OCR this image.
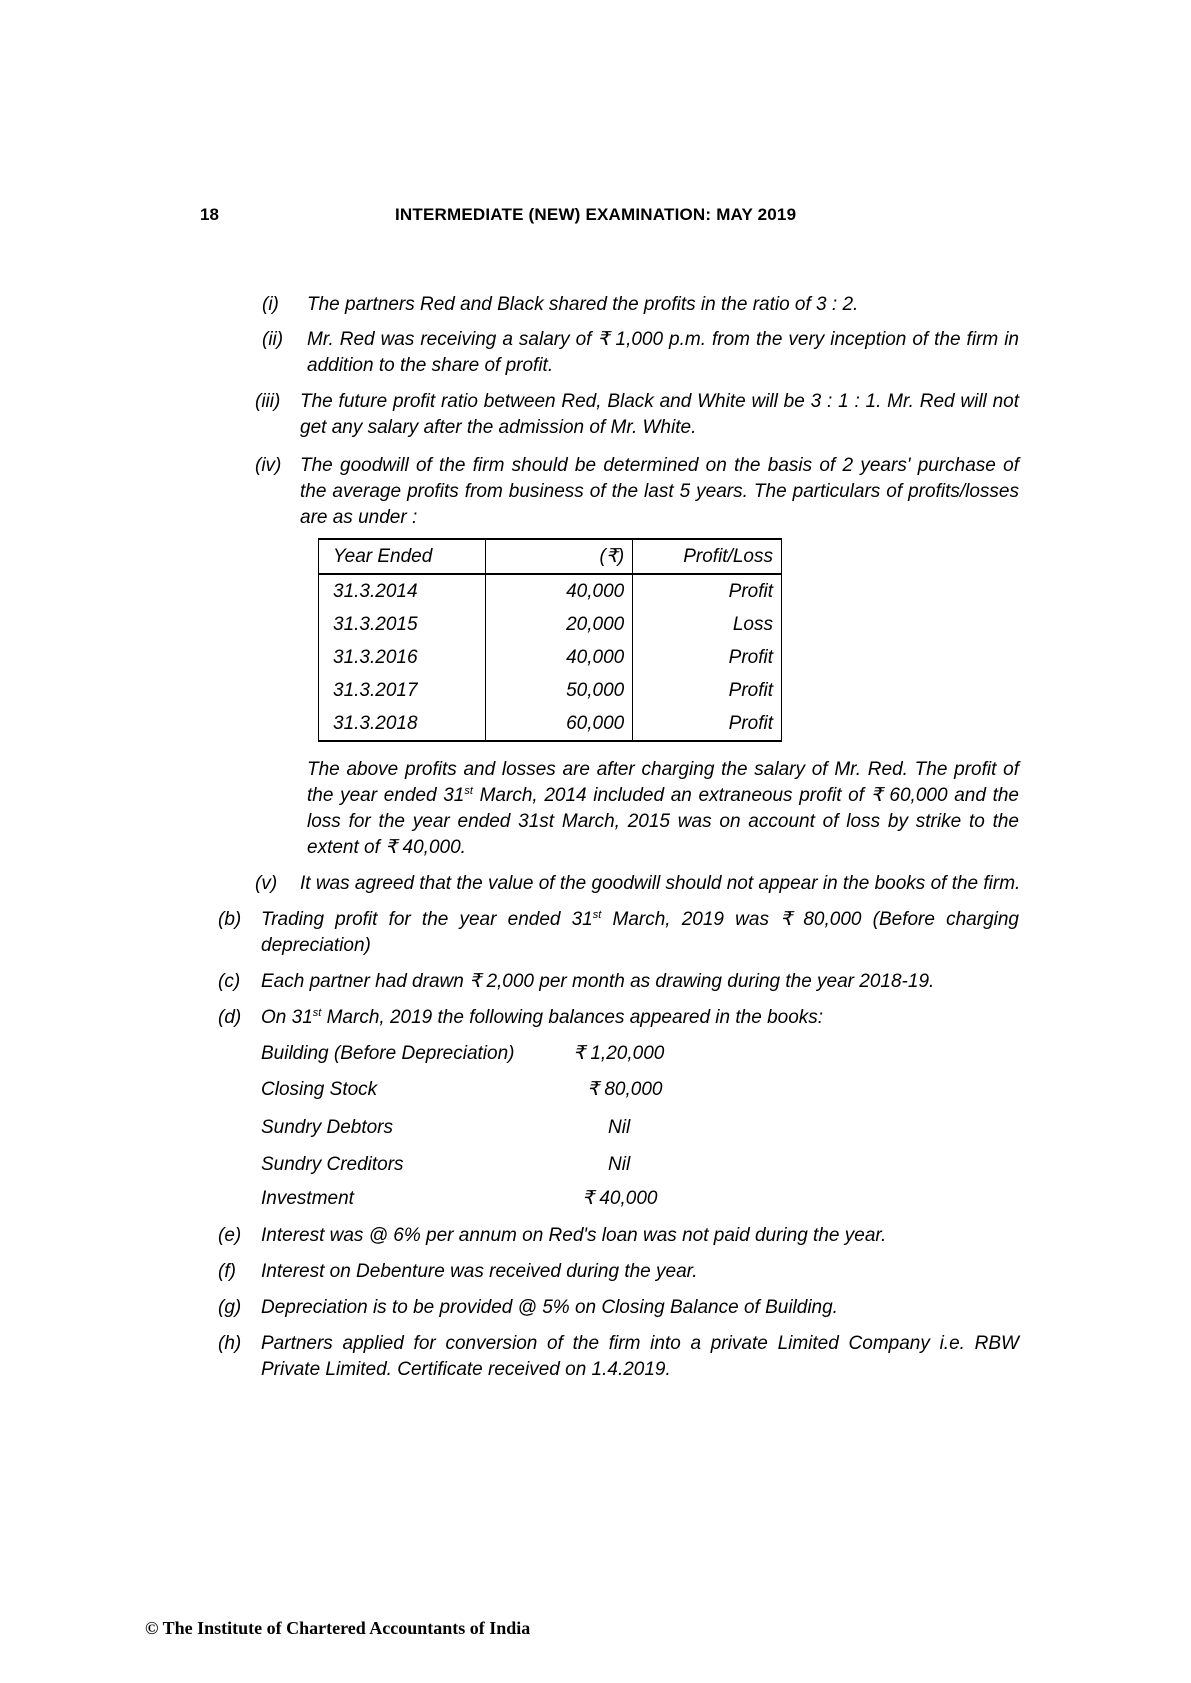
18	INTERMEDIATE (NEW) EXAMINATION: MAY 2019
(i) The partners Red and Black shared the profits in the ratio of 3 : 2.
(ii) Mr. Red was receiving a salary of ₹ 1,000 p.m. from the very inception of the firm in addition to the share of profit.
(iii) The future profit ratio between Red, Black and White will be 3 : 1 : 1. Mr. Red will not get any salary after the admission of Mr. White.
(iv) The goodwill of the firm should be determined on the basis of 2 years' purchase of the average profits from business of the last 5 years. The particulars of profits/losses are as under :
Year Ended	(₹)	Profit/Loss
31.3.2014	40,000	Profit
31.3.2015	20,000	Loss
31.3.2016	40,000	Profit
31.3.2017	50,000	Profit
31.3.2018	60,000	Profit
The above profits and losses are after charging the salary of Mr. Red. The profit of the year ended 31st March, 2014 included an extraneous profit of ₹ 60,000 and the loss for the year ended 31st March, 2015 was on account of loss by strike to the extent of ₹ 40,000.
(v) It was agreed that the value of the goodwill should not appear in the books of the firm.
(b) Trading profit for the year ended 31st March, 2019 was ₹ 80,000 (Before charging depreciation)
(c) Each partner had drawn ₹ 2,000 per month as drawing during the year 2018-19.
(d) On 31st March, 2019 the following balances appeared in the books:
Building (Before Depreciation)	₹ 1,20,000
Closing Stock	₹ 80,000
Sundry Debtors	Nil
Sundry Creditors	Nil
Investment	₹ 40,000
(e) Interest was @ 6% per annum on Red's loan was not paid during the year.
(f) Interest on Debenture was received during the year.
(g) Depreciation is to be provided @ 5% on Closing Balance of Building.
(h) Partners applied for conversion of the firm into a private Limited Company i.e. RBW Private Limited. Certificate received on 1.4.2019.
© The Institute of Chartered Accountants of India
